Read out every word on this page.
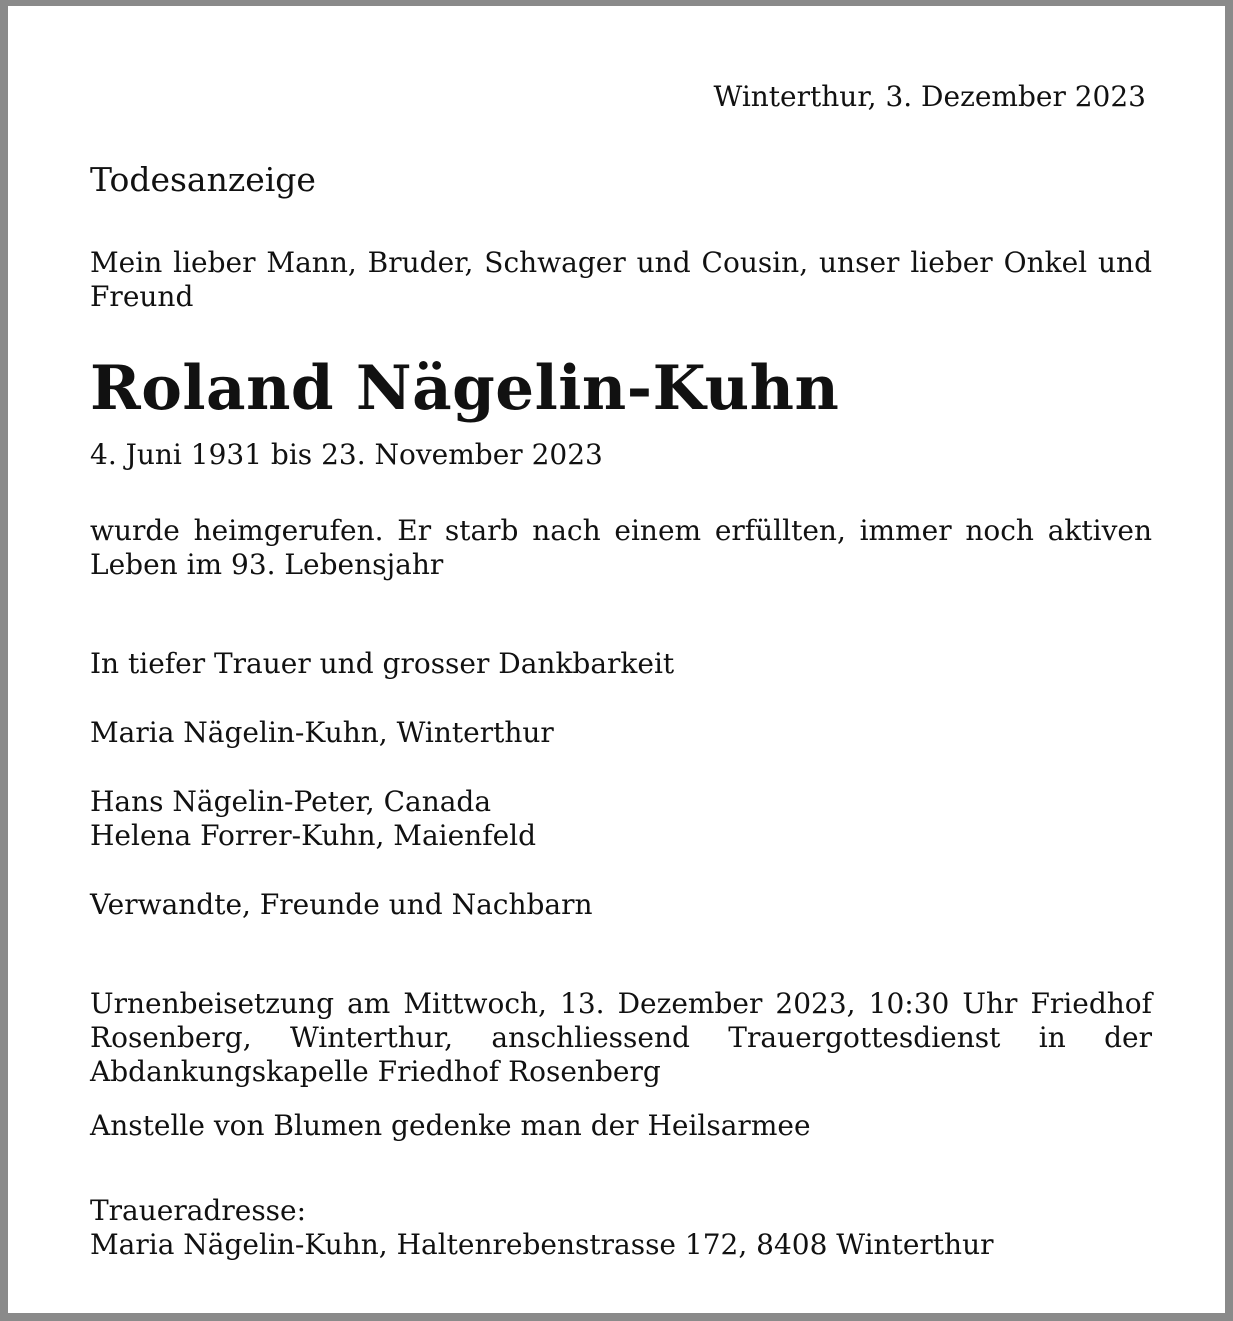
Winterthur, 3. Dezember 2023
Todesanzeige
Mein lieber Mann, Bruder, Schwager und Cousin, unser lieber Onkel und Freund
Roland Nägelin-Kuhn
4. Juni 1931 bis 23. November 2023
wurde heimgerufen. Er starb nach einem erfüllten, immer noch aktiven Leben im 93. Lebensjahr
In tiefer Trauer und grosser Dankbarkeit
Maria Nägelin-Kuhn, Winterthur
Hans Nägelin-Peter, Canada
Helena Forrer-Kuhn, Maienfeld
Verwandte, Freunde und Nachbarn
Urnenbeisetzung am Mittwoch, 13. Dezember 2023, 10:30 Uhr Friedhof Rosenberg, Winterthur, anschliessend Trauergottesdienst in der Abdankungskapelle Friedhof Rosenberg
Anstelle von Blumen gedenke man der Heilsarmee
Traueradresse:
Maria Nägelin-Kuhn, Haltenrebenstrasse 172, 8408 Winterthur
